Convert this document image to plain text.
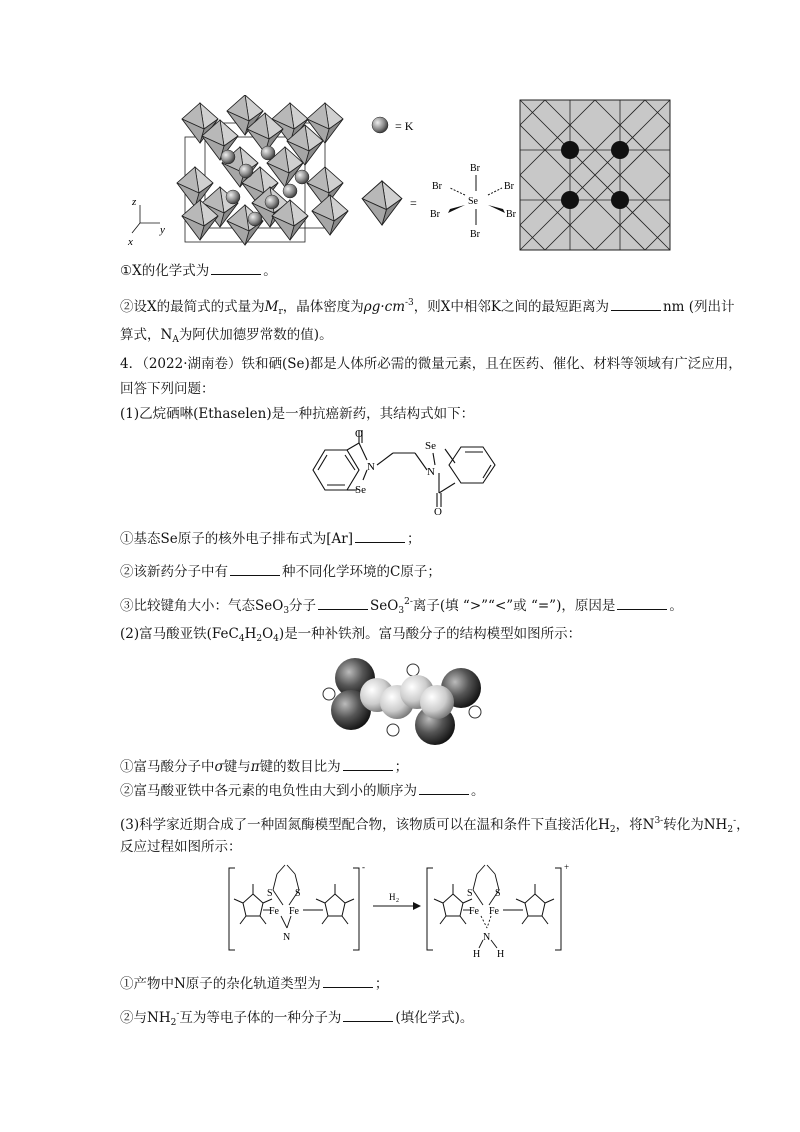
z
y
x
= K
=
Br
Br	Br
Se
Br	Br
Br
①X的化学式为	。
②设X的最简式的式量为$M_r$，晶体密度为$\rho g\cdot cm^{-3}$，则X中相邻K之间的最短距离为	nm (列出计
算式，$N_A$为阿伏加德罗常数的值)。
4．（2022·湖南卷）铁和硒(Se)都是人体所必需的微量元素，且在医药、催化、材料等领域有广泛应用，
回答下列问题：
(1)乙烷硒啉(Ethaselen)是一种抗癌新药，其结构式如下：
O
N
Se
Se
N
O
①基态Se原子的核外电子排布式为[Ar]	；
②该新药分子中有	种不同化学环境的C原子；
③比较键角大小：气态SeO$_3$分子	SeO$_3^{2-}$离子(填 “>”“<”或 “=”)，原因是	。
(2)富马酸亚铁$(FeC_4H_2O_4)$是一种补铁剂。富马酸分子的结构模型如图所示：
①富马酸分子中σ键与π键的数目比为	；
②富马酸亚铁中各元素的电负性由大到小的顺序为	。
(3)科学家近期合成了一种固氮酶模型配合物，该物质可以在温和条件下直接活化$H_2$，将$N^{3-}$转化为$NH_2^-$，
反应过程如图所示：
S S
Fe Fe
N
-
H 2
S S
Fe Fe
N
H H
+
①产物中N原子的杂化轨道类型为	；
②与$NH_2^-$互为等电子体的一种分子为	(填化学式)。
